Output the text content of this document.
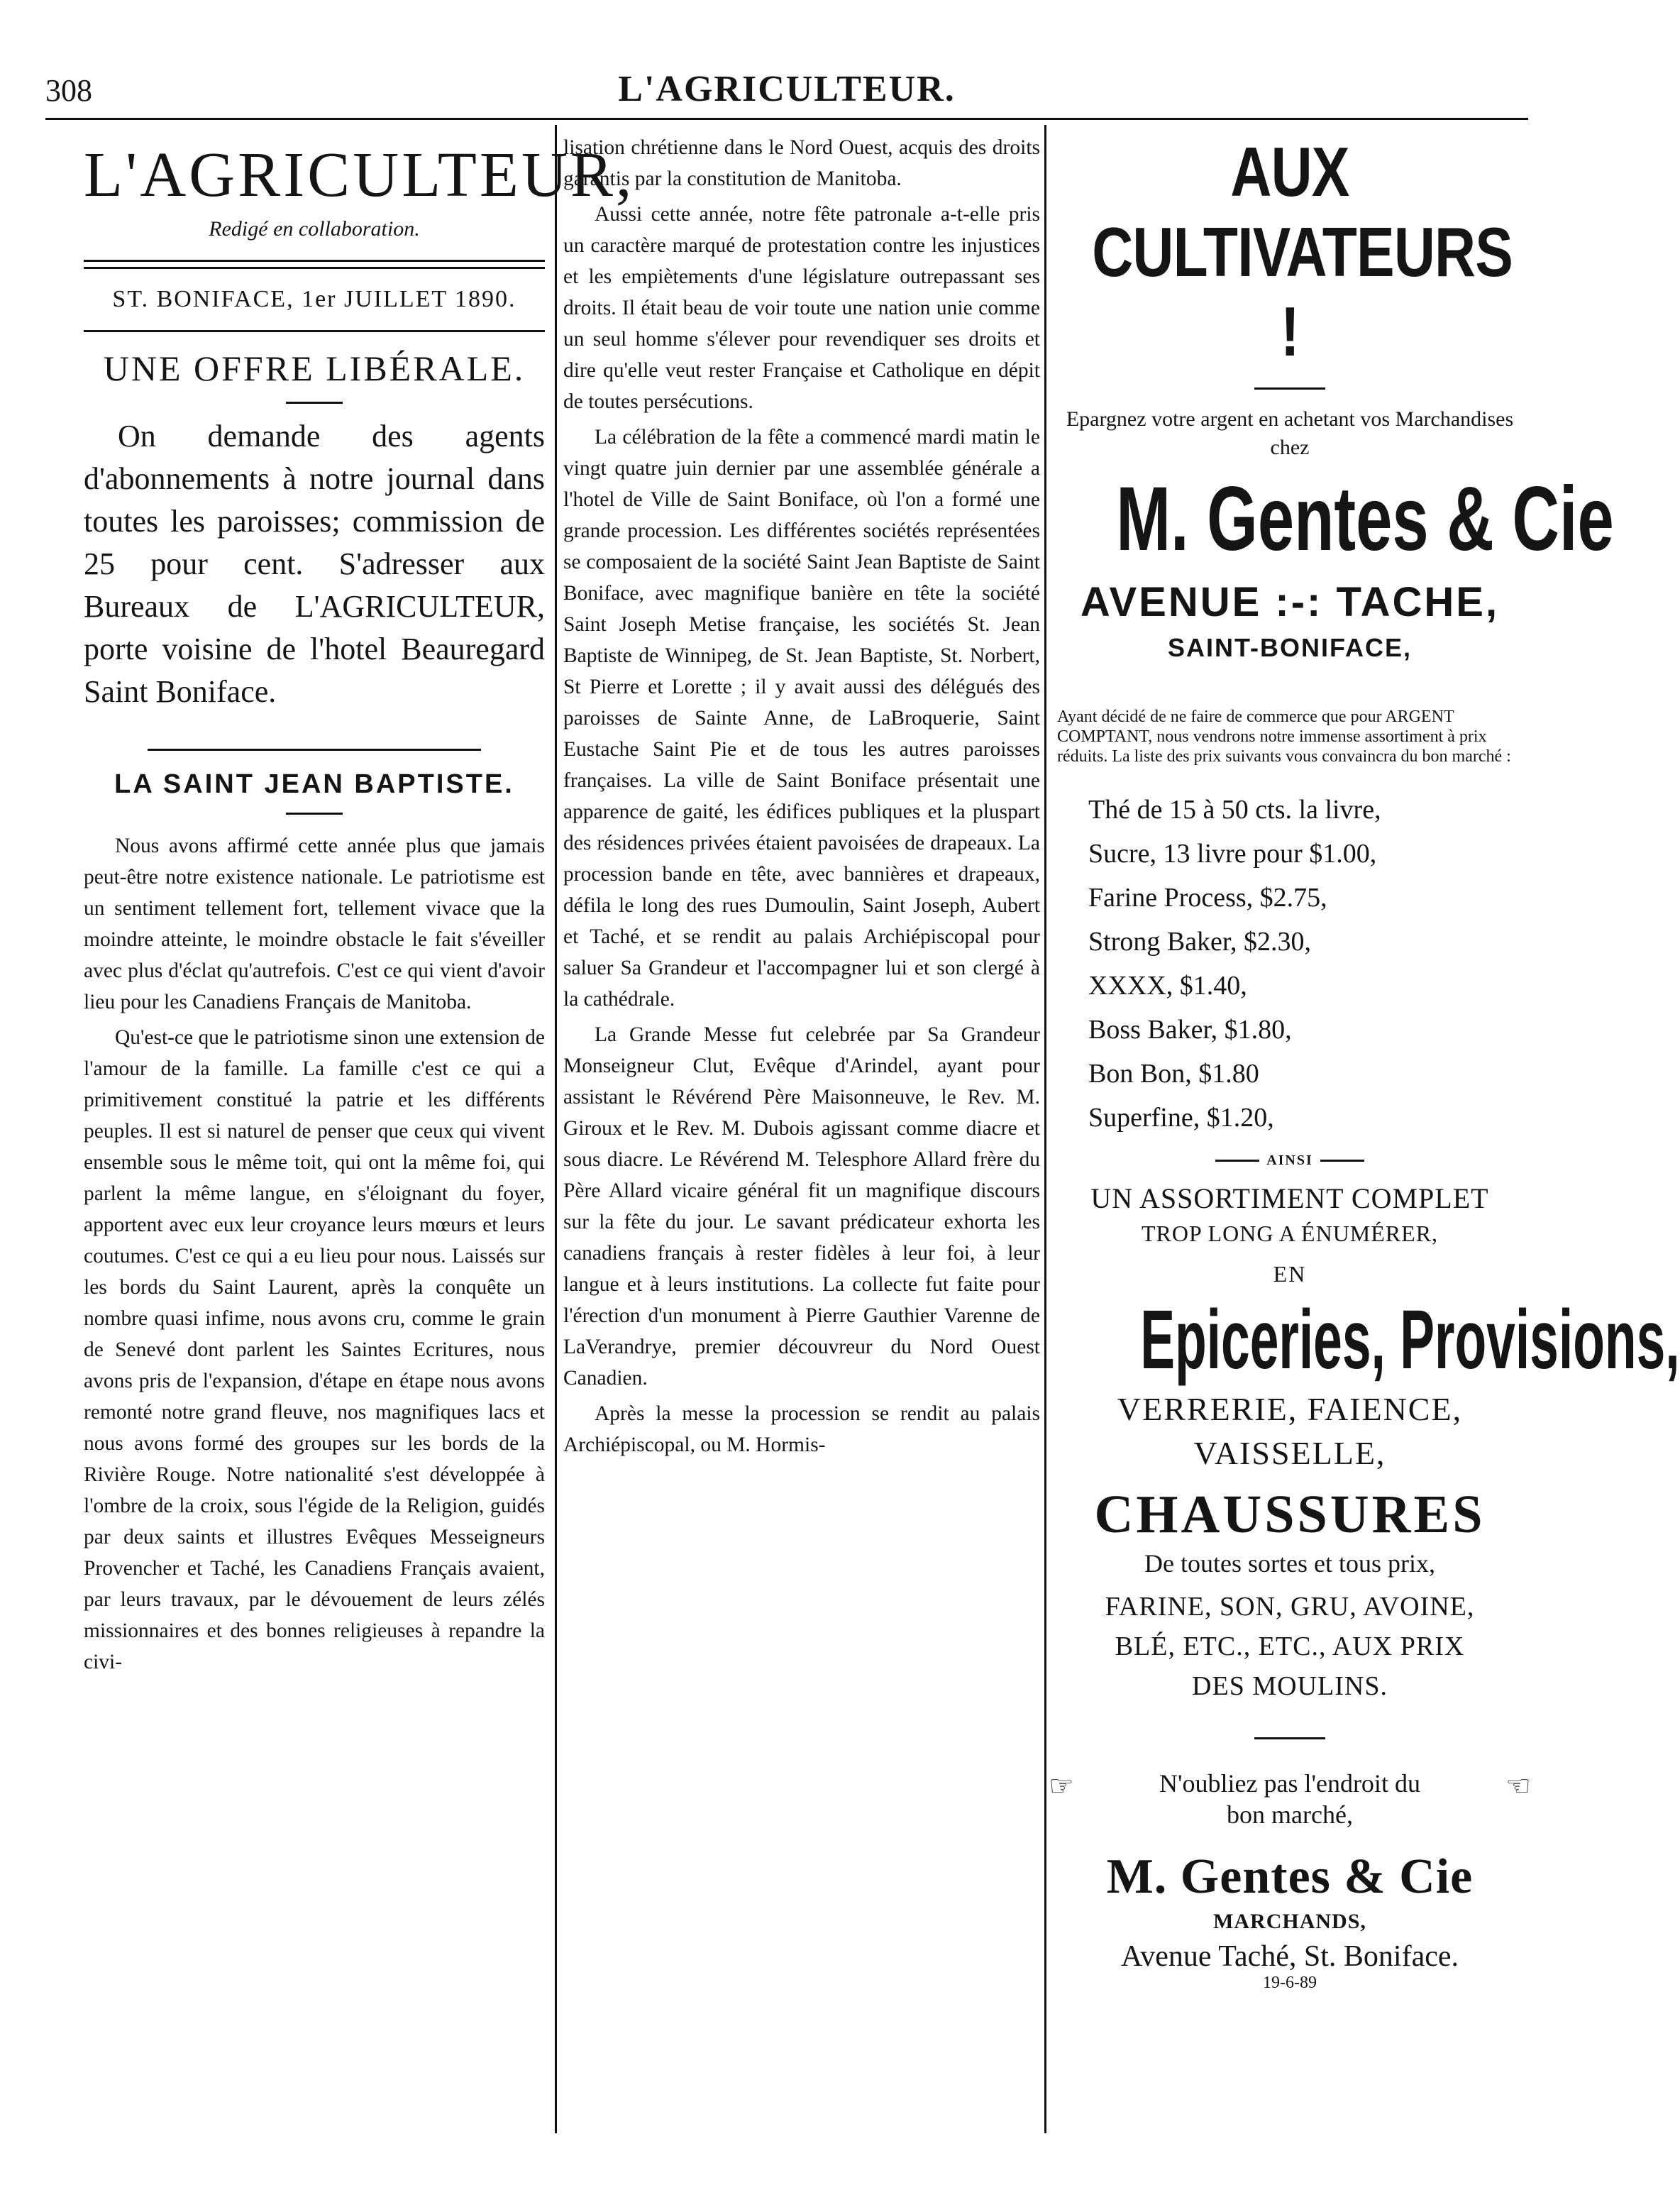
308	L'AGRICULTEUR.
L'AGRICULTEUR,
Redigé en collaboration.
ST. BONIFACE, 1er JUILLET 1890.
UNE OFFRE LIBÉRALE.

On demande des agents d'abonnements à notre journal dans toutes les paroisses; commission de 25 pour cent. S'adresser aux Bureaux de L'AGRICULTEUR, porte voisine de l'hotel Beauregard Saint Boniface.

LA SAINT JEAN BAPTISTE.

Nous avons affirmé cette année plus que jamais peut-être notre existence nationale. Le patriotisme est un sentiment tellement fort, tellement vivace que la moindre atteinte, le moindre obstacle le fait s'éveiller avec plus d'éclat qu'autrefois. C'est ce qui vient d'avoir lieu pour les Canadiens Français de Manitoba.

Qu'est-ce que le patriotisme sinon une extension de l'amour de la famille. La famille c'est ce qui a primitivement constitué la patrie et les différents peuples. Il est si naturel de penser que ceux qui vivent ensemble sous le même toit, qui ont la même foi, qui parlent la même langue, en s'éloignant du foyer, apportent avec eux leur croyance leurs mœurs et leurs coutumes. C'est ce qui a eu lieu pour nous. Laissés sur les bords du Saint Laurent, après la conquête un nombre quasi infime, nous avons cru, comme le grain de Senevé dont parlent les Saintes Ecritures, nous avons pris de l'expansion, d'étape en étape nous avons remonté notre grand fleuve, nos magnifiques lacs et nous avons formé des groupes sur les bords de la Rivière Rouge. Notre nationalité s'est développée à l'ombre de la croix, sous l'égide de la Religion, guidés par deux saints et illustres Evêques Messeigneurs Provencher et Taché, les Canadiens Français avaient, par leurs travaux, par le dévouement de leurs zélés missionnaires et des bonnes religieuses à repandre la civi-

lisation chrétienne dans le Nord Ouest, acquis des droits garantis par la constitution de Manitoba.

Aussi cette année, notre fête patronale a-t-elle pris un caractère marqué de protestation contre les injustices et les empiètements d'une législature outrepassant ses droits. Il était beau de voir toute une nation unie comme un seul homme s'élever pour revendiquer ses droits et dire qu'elle veut rester Française et Catholique en dépit de toutes persécutions.

La célébration de la fête a commencé mardi matin le vingt quatre juin dernier par une assemblée générale a l'hotel de Ville de Saint Boniface, où l'on a formé une grande procession. Les différentes sociétés représentées se composaient de la société Saint Jean Baptiste de Saint Boniface, avec magnifique banière en tête la société Saint Joseph Metise française, les sociétés St. Jean Baptiste de Winnipeg, de St. Jean Baptiste, St. Norbert, St Pierre et Lorette ; il y avait aussi des délégués des paroisses de Sainte Anne, de LaBroquerie, Saint Eustache Saint Pie et de tous les autres paroisses françaises. La ville de Saint Boniface présentait une apparence de gaité, les édifices publiques et la pluspart des résidences privées étaient pavoisées de drapeaux. La procession bande en tête, avec bannières et drapeaux, défila le long des rues Dumoulin, Saint Joseph, Aubert et Taché, et se rendit au palais Archiépiscopal pour saluer Sa Grandeur et l'accompagner lui et son clergé à la cathédrale.

La Grande Messe fut celebrée par Sa Grandeur Monseigneur Clut, Evêque d'Arindel, ayant pour assistant le Révérend Père Maisonneuve, le Rev. M. Giroux et le Rev. M. Dubois agissant comme diacre et sous diacre. Le Révérend M. Telesphore Allard frère du Père Allard vicaire général fit un magnifique discours sur la fête du jour. Le savant prédicateur exhorta les canadiens français à rester fidèles à leur foi, à leur langue et à leurs institutions. La collecte fut faite pour l'érection d'un monument à Pierre Gauthier Varenne de LaVerandrye, premier découvreur du Nord Ouest Canadien.

Après la messe la procession se rendit au palais Archiépiscopal, ou M. Hormis-

AUX CULTIVATEURS !
Epargnez votre argent en achetant vos Marchandises chez
M. Gentes & Cie
AVENUE :-: TACHE,
SAINT-BONIFACE,
Ayant décidé de ne faire de commerce que pour ARGENT COMPTANT, nous vendrons notre immense assortiment à prix réduits. La liste des prix suivants vous convaincra du bon marché :
Thé de 15 à 50 cts. la livre,
Sucre, 13 livre pour $1.00,
Farine Process, $2.75,
Strong Baker, $2.30,
XXXX, $1.40,
Boss Baker, $1.80,
Bon Bon, $1.80
Superfine, $1.20,
AINSI
UN ASSORTIMENT COMPLET
TROP LONG A ÉNUMÉRER,
EN
Epiceries, Provisions,
VERRERIE, FAIENCE,
VAISSELLE,
CHAUSSURES
De toutes sortes et tous prix,
FARINE, SON, GRU, AVOINE,
BLÉ, ETC., ETC., AUX PRIX
DES MOULINS.
☞	N'oubliez pas l'endroit du
bon marché,
☞
M. Gentes & Cie
MARCHANDS,
Avenue Taché, St. Boniface.
19-6-89
